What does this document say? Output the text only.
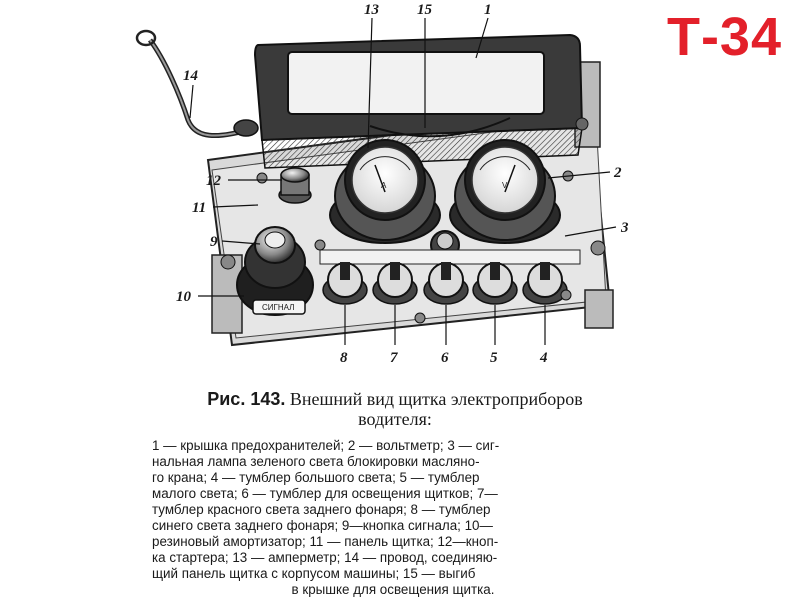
Т-34
A	V
СИГНАЛ
13	15	1
14
12
11
9
10
2
3
8	7	6	5	4
Рис. 143. Внешний вид щитка электроприборов
водителя:
1 — крышка предохранителей; 2 — вольтметр; 3 — сиг-
нальная лампа зеленого света блокировки масляно-
го крана; 4 — тумблер большого света; 5 — тумблер
малого света; 6 — тумблер для освещения щитков; 7—
тумблер красного света заднего фонаря; 8 — тумблер
синего света заднего фонаря; 9—кнопка сигнала; 10—
резиновый амортизатор; 11 — панель щитка; 12—кноп-
ка стартера; 13 — амперметр; 14 — провод, соединяю-
щий панель щитка с корпусом машины; 15 — выгиб
в крышке для освещения щитка.
